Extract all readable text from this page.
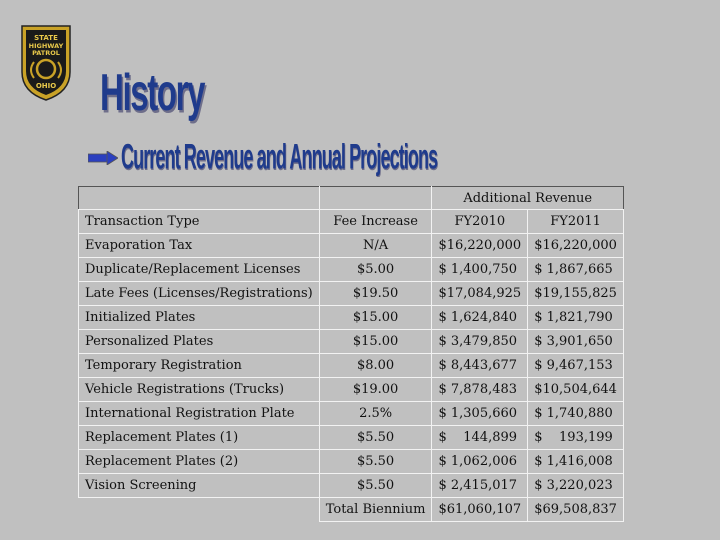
STATE
HIGHWAY
PATROL
OHIO History
Current Revenue and Annual Projections
		Additional Revenue	
Transaction Type	Fee Increase	FY2010	FY2011
Evaporation Tax	N/A	$16,220,000	$16,220,000
Duplicate/Replacement Licenses	$5.00	$ 1,400,750	$ 1,867,665
Late Fees (Licenses/Registrations)	$19.50	$17,084,925	$19,155,825
Initialized Plates	$15.00	$ 1,624,840	$ 1,821,790
Personalized Plates	$15.00	$ 3,479,850	$ 3,901,650
Temporary Registration	$8.00	$ 8,443,677	$ 9,467,153
Vehicle Registrations (Trucks)	$19.00	$ 7,878,483	$10,504,644
International Registration Plate	2.5%	$ 1,305,660	$ 1,740,880
Replacement Plates (1)	$5.50	$    144,899	$    193,199
Replacement Plates (2)	$5.50	$ 1,062,006	$ 1,416,008
Vision Screening	$5.50	$ 2,415,017	$ 3,220,023
	Total Biennium	$61,060,107	$69,508,837
